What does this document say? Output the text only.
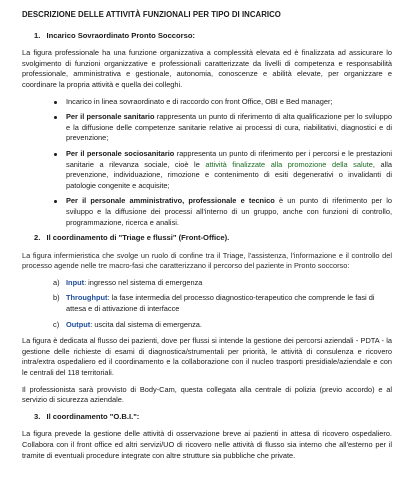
DESCRIZIONE DELLE ATTIVITÀ FUNZIONALI PER TIPO DI INCARICO
1. Incarico Sovraordinato Pronto Soccorso:

La figura professionale ha una funzione organizzativa a complessità elevata ed è finalizzata ad assicurare lo svolgimento di funzioni organizzative e professionali caratterizzate da livelli di competenza e responsabilità professionale, amministrativa e gestionale, autonomia, conoscenze e abilità elevate, per organizzare e coordinare la propria attività e quella dei colleghi.

Incarico in linea sovraordinato e di raccordo con front Office, OBI e Bed manager;
Per il personale sanitario rappresenta un punto di riferimento di alta qualificazione per lo sviluppo e la diffusione delle competenze sanitarie relative ai processi di cura, riabilitativi, diagnostici e di prevenzione;
Per il personale sociosanitario rappresenta un punto di riferimento per i percorsi e le prestazioni sanitarie a rilevanza sociale, cioè le attività finalizzate alla promozione della salute, alla prevenzione, individuazione, rimozione e contenimento di esiti degenerativi o invalidanti di patologie congenite e acquisite;
Per il personale amministrativo, professionale e tecnico è un punto di riferimento per lo sviluppo e la diffusione dei processi all'interno di un gruppo, anche con funzioni di controllo, programmazione, ricerca e analisi.
2. Il coordinamento di "Triage e flussi" (Front-Office).

La figura infermieristica che svolge un ruolo di confine tra il Triage, l'assistenza, l'informazione e il controllo del processo agende nelle tre macro-fasi che caratterizzano il percorso del paziente in Pronto soccorso:

a) Input: ingresso nel sistema di emergenza
b) Throughput: la fase intermedia del processo diagnostico-terapeutico che comprende le fasi di attesa e di attivazione di interfacce
c) Output: uscita dal sistema di emergenza.

La figura è dedicata al flusso dei pazienti, dove per flussi si intende la gestione dei percorsi aziendali - PDTA - la gestione delle richieste di esami di diagnostica/strumentali per priorità, le attività di consulenza e ricovero intra/extra ospedaliero ed il coordinamento e la collaborazione con il nucleo trasporti presidiale/aziendale e con le centrali del 118 territoriali.

Il professionista sarà provvisto di Body-Cam, questa collegata alla centrale di polizia (previo accordo) e al servizio di sicurezza aziendale.

3. Il coordinamento "O.B.I.":

La figura prevede la gestione delle attività di osservazione breve ai pazienti in attesa di ricovero ospedaliero. Collabora con il front office ed altri servizi/UO di ricovero nelle attività di flusso sia interno che all'esterno per il tramite di eventuali procedure integrate con altre strutture sia pubbliche che private.
